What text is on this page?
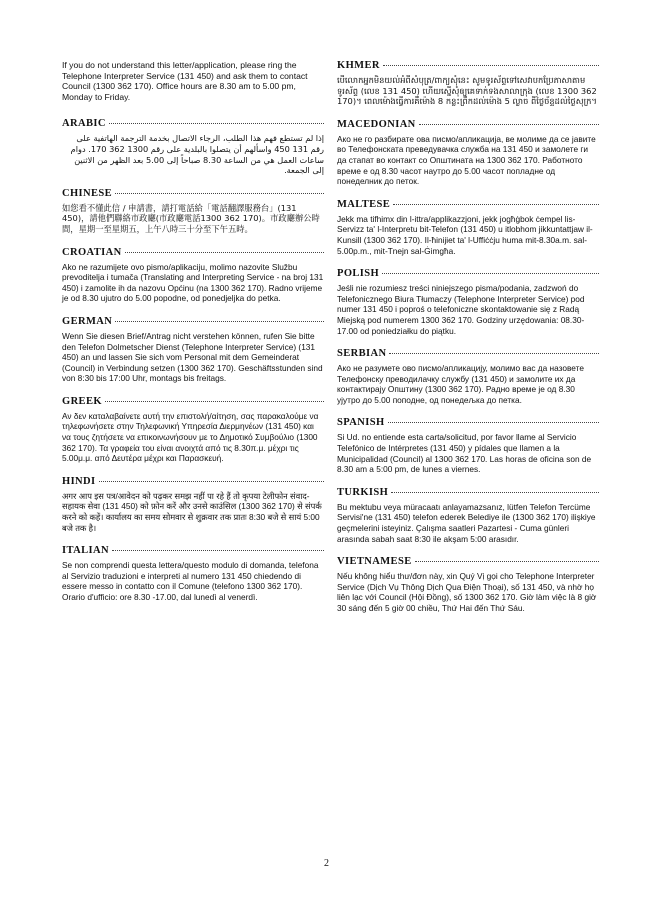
If you do not understand this letter/application, please ring the Telephone Interpreter Service (131 450) and ask them to contact Council (1300 362 170). Office hours are 8.30 am to 5.00 pm, Monday to Friday.

ARABIC
إذا لم تستطع فهم هذا الطلب، الرجاء الاتصال بخدمة الترجمة الهاتفية على رقم 131 450 واسألهم أن يتصلوا بالبلدية على رقم 1300 362 170. دوام ساعات العمل هي من الساعة 8.30 صباحاً إلى 5.00 بعد الظهر من الاثنين إلى الجمعة.
CHINESE
如您看不懂此信 / 申請書，請打電話給「電話翻譯服務台」(131 450)，請他們聯絡市政廳(市政廳電話1300 362 170)。市政廳辦公時間，星期一至星期五，上午八時三十分至下午五時。
CROATIAN
Ako ne razumijete ovo pismo/aplikaciju, molimo nazovite Službu prevoditelja i tumača (Translating and Interpreting Service - na broj 131 450) i zamolite ih da nazovu Općinu (na 1300 362 170). Radno vrijeme je od 8.30 ujutro do 5.00 popodne, od ponedjeljka do petka.
GERMAN
Wenn Sie diesen Brief/Antrag nicht verstehen können, rufen Sie bitte den Telefon Dolmetscher Dienst (Telephone Interpreter Service) (131 450) an und lassen Sie sich vom Personal mit dem Gemeinderat (Council) in Verbindung setzen (1300 362 170). Geschäftsstunden sind von 8:30 bis 17:00 Uhr, montags bis freitags.
GREEK
Αν δεν καταλαβαίνετε αυτή την επιστολή/αίτηση, σας παρακαλούμε να τηλεφωνήσετε στην Τηλεφωνική Υπηρεσία Διερμηνέων (131 450) και να τους ζητήσετε να επικοινωνήσουν με το Δημοτικό Συμβούλιο (1300 362 170). Τα γραφεία του είναι ανοιχτά από τις 8.30π.μ. μέχρι τις 5.00μ.μ. από Δευτέρα μέχρι και Παρασκευή.
HINDI
अगर आप इस पत्र/आवेदन को पढ़कर समझ नहीं पा रहे हैं तो कृपया टेलीफोन संवाद-सहायक सेवा (131 450) को फ़ोन करें और उनसे काउंसिल (1300 362 170) से संपर्क करने को कहें। कार्यालय का समय सोमवार से शुक्रवार तक प्रातः 8:30 बजे से सायं 5:00 बजे तक है।
ITALIAN
Se non comprendi questa lettera/questo modulo di domanda, telefona al Servizio traduzioni e interpreti al numero 131 450 chiedendo di essere messo in contatto con il Comune (telefono 1300 362 170). Orario d'ufficio: ore 8.30 -17.00, dal lunedì al venerdì.
KHMER
បើលោកអ្នកមិនយល់អំពីសំបុត្រ/ពាក្យសុំនេះ សូមទូរស័ព្ទទៅសេវាបកប្រែភាសាតាមទូរស័ព្ទ (លេខ 131 450) ហើយស្នើសុំឲ្យគេទាក់ទងសាលាក្រុង (លេខ 1300 362 170)។ ពេលម៉ោងធ្វើការគឺម៉ោង 8 កន្លះព្រឹកដល់ម៉ោង 5 ល្ងាច ពីថ្ងៃច័ន្ទដល់ថ្ងៃសុក្រ។
MACEDONIAN
Ако не го разбирате ова писмо/апликација, ве молиме да се јавите во Телефонската преведувачка служба на 131 450 и замолете ги да стапат во контакт со Општината на 1300 362 170. Работното време е од 8.30 часот наутро до 5.00 часот попладне од понеделник до петок.
MALTESE
Jekk ma tifhimx din l-ittra/applikazzjoni, jekk jogħġbok ċempel lis-Servizz ta' l-Interpretu bit-Telefon (131 450) u itlobhom jikkuntattjaw il-Kunsill (1300 362 170). Il-ħinijiet ta' l-Uffiċċju huma mit-8.30a.m. sal-5.00p.m., mit-Tnejn sal-Ġimgħa.
POLISH
Jeśli nie rozumiesz treści niniejszego pisma/podania, zadzwoń do Telefonicznego Biura Tłumaczy (Telephone Interpreter Service) pod numer 131 450 i poproś o telefoniczne skontaktowanie się z Radą Miejską pod numerem 1300 362 170. Godziny urzędowania: 08.30-17.00 od poniedziałku do piątku.
SERBIAN
Ако не разумете ово писмо/апликацију, молимо вас да назовете Телефонску преводилачку службу (131 450) и замолите их да контактирају Општину (1300 362 170). Радно време је од 8.30 ујутро до 5.00 поподне, од понедељка до петка.
SPANISH
Si Ud. no entiende esta carta/solicitud, por favor llame al Servicio Telefónico de Intérpretes (131 450) y pídales que llamen a la Municipalidad (Council) al 1300 362 170. Las horas de oficina son de 8.30 am a 5:00 pm, de lunes a viernes.
TURKISH
Bu mektubu veya müracaatı anlayamazsanız, lütfen Telefon Tercüme Servisi'ne (131 450) telefon ederek Belediye ile (1300 362 170) ilişkiye geçmelerini isteyiniz. Çalışma saatleri Pazartesi - Cuma günleri arasında sabah saat 8:30 ile akşam 5:00 arasıdır.
VIETNAMESE
Nếu không hiểu thư/đơn này, xin Quý Vị gọi cho Telephone Interpreter Service (Dịch Vụ Thông Dịch Qua Điện Thoại), số 131 450, và nhờ họ liên lạc với Council (Hội Đồng), số 1300 362 170. Giờ làm việc là 8 giờ 30 sáng đến 5 giờ 00 chiều, Thứ Hai đến Thứ Sáu.
2
